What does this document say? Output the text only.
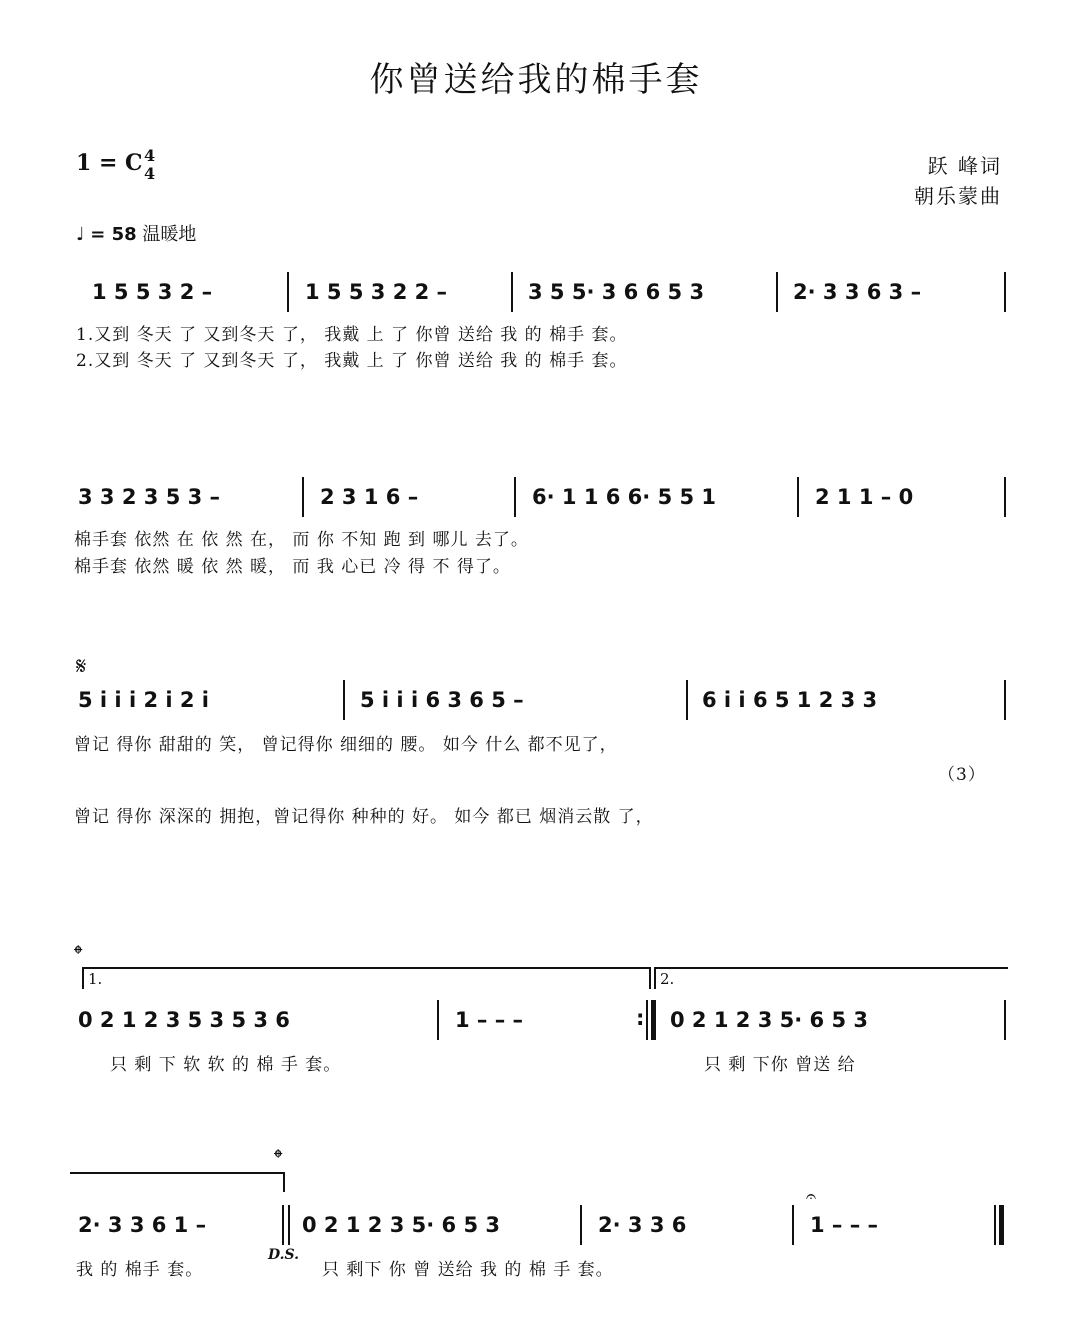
你曾送给我的棉手套
1 = C 4
4	跃 峰词
朝乐蒙曲
♩ = 58 温暖地
1 5 5 3 2 –	1 5 5 3 2 2 –	3 5 5· 3 6 6 5 3	2· 3 3 6 3 –
1.又到 冬天 了 又到冬天 了， 我戴 上 了 你曾 送给 我 的 棉手 套。
2.又到 冬天 了 又到冬天 了， 我戴 上 了 你曾 送给 我 的 棉手 套。
3 3 2 3 5 3 –	2 3 1 6 –	6· 1 1 6 6· 5 5 1	2 1 1 – 0
棉手套 依然 在 依 然 在， 而 你 不知 跑 到 哪儿 去了。
棉手套 依然 暖 依 然 暖， 而 我 心已 冷 得 不 得了。
𝄋
5 i i i 2 i 2 i	5 i i i 6 3 6 5 –	6 i i 6 5 1 2 3 3
曾记 得你 甜甜的 笑， 曾记得你 细细的 腰。 如今 什么 都不见了，
（3）
曾记 得你 深深的 拥抱，曾记得你 种种的 好。 如今 都已 烟消云散 了，
𝄌
1.	2.
0 2 1 2 3 5 3 5 3 6	1 – – –	: 0 2 1 2 3 5· 6 5 3
只 剩 下 软 软 的 棉 手 套。	只 剩 下你 曾送 给
𝄌
2· 3 3 6 1 –
D.S.
0 2 1 2 3 5· 6 5 3	2· 3 3 6
𝄐
1 – – –
我 的 棉手 套。	只 剩下 你 曾 送给 我 的 棉 手 套。
